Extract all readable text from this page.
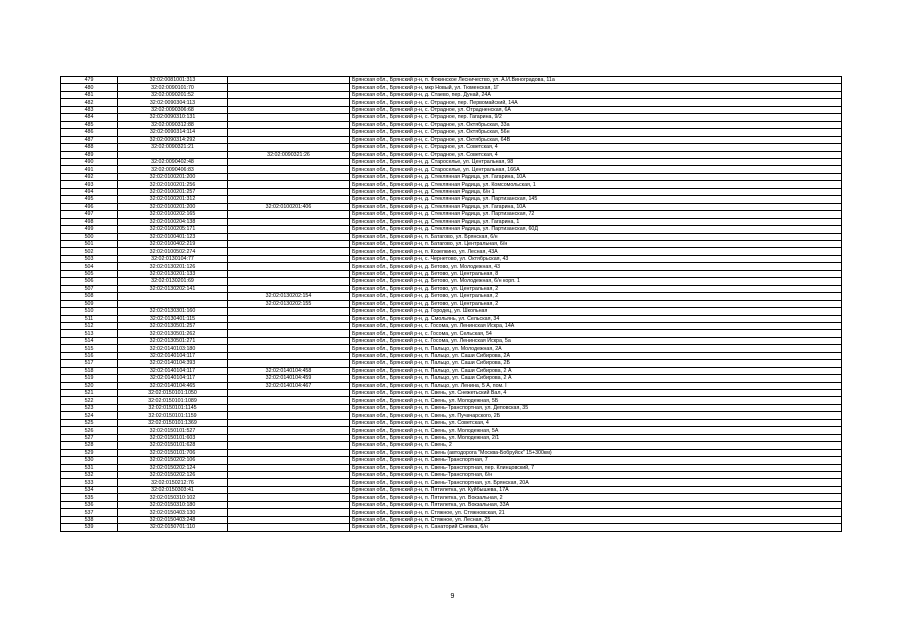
479	32:02:0081001:313		Брянская обл., Брянский р-н, п. Фокинское Лесничество, ул. А.И.Виноградова, 11а
480	32:02:0090101:70		Брянская обл., Брянский р-н, мкр Новый, ул. Тюменская, 1Г
481	32:02:0090201:52		Брянская обл., Брянский р-н, д. Стаево, пер. Дунай, 24А
482	32:02:0090304:113		Брянская обл., Брянский р-н, с. Отрадное, пер. Первомайский, 14А
483	32:02:0090306:68		Брянская обл., Брянский р-н, с. Отрадное, ул. Отрадненская, 6А
484	32:02:0090310:131		Брянская обл., Брянский р-н, с. Отрадное, пер. Гагарина, 9/2
485	32:02:0090312:88		Брянская обл., Брянский р-н, с. Отрадное, ул. Октябрьская, 33а
486	32:02:0090314:114		Брянская обл., Брянский р-н, с. Отрадное, ул. Октябрьская, 56н
487	32:02:0090314:292		Брянская обл., Брянский р-н, с. Отрадное, ул. Октябрьская, 64В
488	32:02:0090321:21		Брянская обл., Брянский р-н, с. Отрадное, ул. Советская, 4
489		32:02:0090321:26	Брянская обл., Брянский р-н, с. Отрадное, ул. Советская, 4
490	32:02:0090402:48		Брянская обл., Брянский р-н, д. Старосельe, ул. Центральная, 98
491	32:02:0090406:83		Брянская обл., Брянский р-н, д. Старосельe, ул. Центральная, 166А
492	32:02:0100201:200		Брянская обл., Брянский р-н, д. Стеклянная Радица, ул. Гагарина, 10А
493	32:02:0100201:256		Брянская обл., Брянский р-н, д. Стеклянная Радица, ул. Комсомольская, 1
494	32:02:0100201:257		Брянская обл., Брянский р-н, д. Стеклянная Радица, 6/н 1
495	32:02:0100201:312		Брянская обл., Брянский р-н, д. Стеклянная Радица, ул. Партизанская, 145
496	32:02:0100201:200	32:02:0100201:406	Брянская обл., Брянский р-н, д. Стеклянная Радица, ул. Гагарина, 10А
497	32:02:0100202:165		Брянская обл., Брянский р-н, д. Стеклянная Радица, ул. Партизанская, 72
498	32:02:0100204:138		Брянская обл., Брянский р-н, д. Стеклянная Радица, ул. Гагарина, 1
499	32:02:0100205:171		Брянская обл., Брянский р-н, д. Стеклянная Радица, ул. Партизанская, 60Д
500	32:02:0100401:123		Брянская обл., Брянский р-н, п. Батагово, ул. Брянская, 6/н
501	32:02:0100402:219		Брянская обл., Брянский р-н, п. Батагово, ул. Центральная, 6/н
502	32:02:0100502:274		Брянская обл., Брянский р-н, п. Козелкино, ул. Лесная, 43А
503	32:02:0130104:77		Брянская обл., Брянский р-н, с. Чернетово, ул. Октябрьская, 43
504	32:02:0130201:126		Брянская обл., Брянский р-н, д. Бетово, ул. Молодежная, 43
505	32:02:0130201:133		Брянская обл., Брянский р-н, д. Бетово, ул. Центральная, 8
506	32:02:0130201:69		Брянская обл., Брянский р-н, д. Бетово, ул. Молодежная, 6/н корп. 1
507	32:02:0130202:141		Брянская обл., Брянский р-н, д. Бетово, ул. Центральная, 2
508		32:02:0130202:154	Брянская обл., Брянский р-н, д. Бетово, ул. Центральная, 2
509		32:02:0130202:155	Брянская обл., Брянский р-н, д. Бетово, ул. Центральная, 2
510	32:02:0130301:160		Брянская обл., Брянский р-н, д. Городец, ул. Школьная
511	32:02:0130401:115		Брянская обл., Брянский р-н, д. Смольянь, ул. Сельская, 34
512	32:02:0130501:257		Брянская обл., Брянский р-н, с. Госома, ул. Ленинская Искра, 14А
513	32:02:0130501:262		Брянская обл., Брянский р-н, с. Госома, ул. Сельская, 54
514	32:02:0130501:271		Брянская обл., Брянский р-н, с. Госома, ул. Ленинская Искра, 5а
515	32:02:0140103:180		Брянская обл., Брянский р-н, п. Пальцо, ул. Молодежная, 2А
516	32:02:0140104:117		Брянская обл., Брянский р-н, п. Пальцо, ул. Саши Сибирова, 2А
517	32:02:0140104:393		Брянская обл., Брянский р-н, п. Пальцо, ул. Саши Сибирова, 2Б
518	32:02:0140104:117	32:02:0140104:458	Брянская обл., Брянский р-н, п. Пальцо, ул. Саши Сибирова, 2 А
519	32:02:0140104:117	32:02:0140104:459	Брянская обл., Брянский р-н, п. Пальцо, ул. Саши Сибирова, 2 А
520	32:02:0140104:465	32:02:0140104:467	Брянская обл., Брянский р-н, п. Пальцо, ул. Ленина, 5 А, пом. I
521	32:02:0150101:1050		Брянская обл., Брянский р-н, п. Свень, ул. Снежетьский Вал, 4
522	32:02:0150101:1089		Брянская обл., Брянский р-н, п. Свень, ул. Молодежная, 5Б
523	32:02:0150101:1145		Брянская обл., Брянский р-н, п. Свень-Транспортная, ул. Деповская, 35
524	32:02:0150101:1159		Брянская обл., Брянский р-н, п. Свень, ул. Пучачарского, 2Б
525	32:02:0150101:1369		Брянская обл., Брянский р-н, п. Свень, ул. Советская, 4
526	32:02:0150101:527		Брянская обл., Брянский р-н, п. Свень, ул. Молодежная, 5А
527	32:02:0150101:603		Брянская обл., Брянский р-н, п. Свень, ул. Молодежная, 2/1
528	32:02:0150101:628		Брянская обл., Брянский р-н, п. Свень, 2
529	32:02:0150101:706		Брянская обл., Брянский р-н, п. Свень (автодорога "Москва-Бобруйск" 15+300км)
530	32:02:0150202:106		Брянская обл., Брянский р-н, п. Свень-Транспортная, 7
531	32:02:0150202:124		Брянская обл., Брянский р-н, п. Свень-Транспортная, пер. Клинцовский, 7
532	32:02:0150202:126		Брянская обл., Брянский р-н, п. Свень-Транспортная, 6/н
533	32:02:0150212:76		Брянская обл., Брянский р-н, п. Свень-Транспортная, ул. Брянская, 20А
534	32:02:0150303:41		Брянская обл., Брянский р-н, п. Пятилетка, ул. Куйбышева, 17А
535	32:02:0150310:102		Брянская обл., Брянский р-н, п. Пятилетка, ул. Вокзальная, 2
536	32:02:0150310:180		Брянская обл., Брянский р-н, п. Пятилетка, ул. Вокзальная, 33А
537	32:02:0150403:130		Брянская обл., Брянский р-н, п. Стяжное, ул. Стяжновская, 21
538	32:02:0150403:248		Брянская обл., Брянский р-н, п. Стяжное, ул. Лесная, 25
539	32:02:0150701:110		Брянская обл., Брянский р-н, п. Санаторий Снежка, 6/н
9
